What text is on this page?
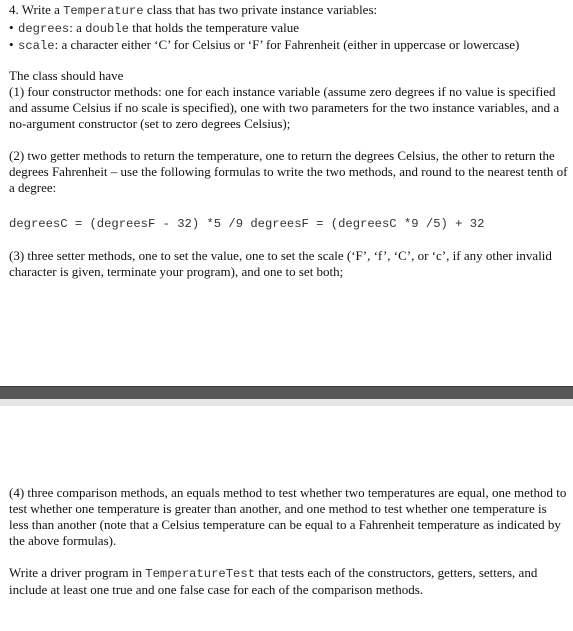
4. Write a Temperature class that has two private instance variables:

• degrees: a double that holds the temperature value
• scale: a character either ‘C’ for Celsius or ‘F’ for Fahrenheit (either in uppercase or lowercase)

The class should have

(1) four constructor methods: one for each instance variable (assume zero degrees if no value is specified and assume Celsius if no scale is specified), one with two parameters for the two instance variables, and a no-argument constructor (set to zero degrees Celsius);

(2) two getter methods to return the temperature, one to return the degrees Celsius, the other to return the degrees Fahrenheit – use the following formulas to write the two methods, and round to the nearest tenth of a degree:

degreesC = (degreesF - 32) *5 /9 degreesF = (degreesC *9 /5) + 32

(3) three setter methods, one to set the value, one to set the scale (‘F’, ‘f’, ‘C’, or ‘c’, if any other invalid character is given, terminate your program), and one to set both;

(4) three comparison methods, an equals method to test whether two temperatures are equal, one method to test whether one temperature is greater than another, and one method to test whether one temperature is less than another (note that a Celsius temperature can be equal to a Fahrenheit temperature as indicated by the above formulas).

Write a driver program in TemperatureTest that tests each of the constructors, getters, setters, and include at least one true and one false case for each of the comparison methods.
